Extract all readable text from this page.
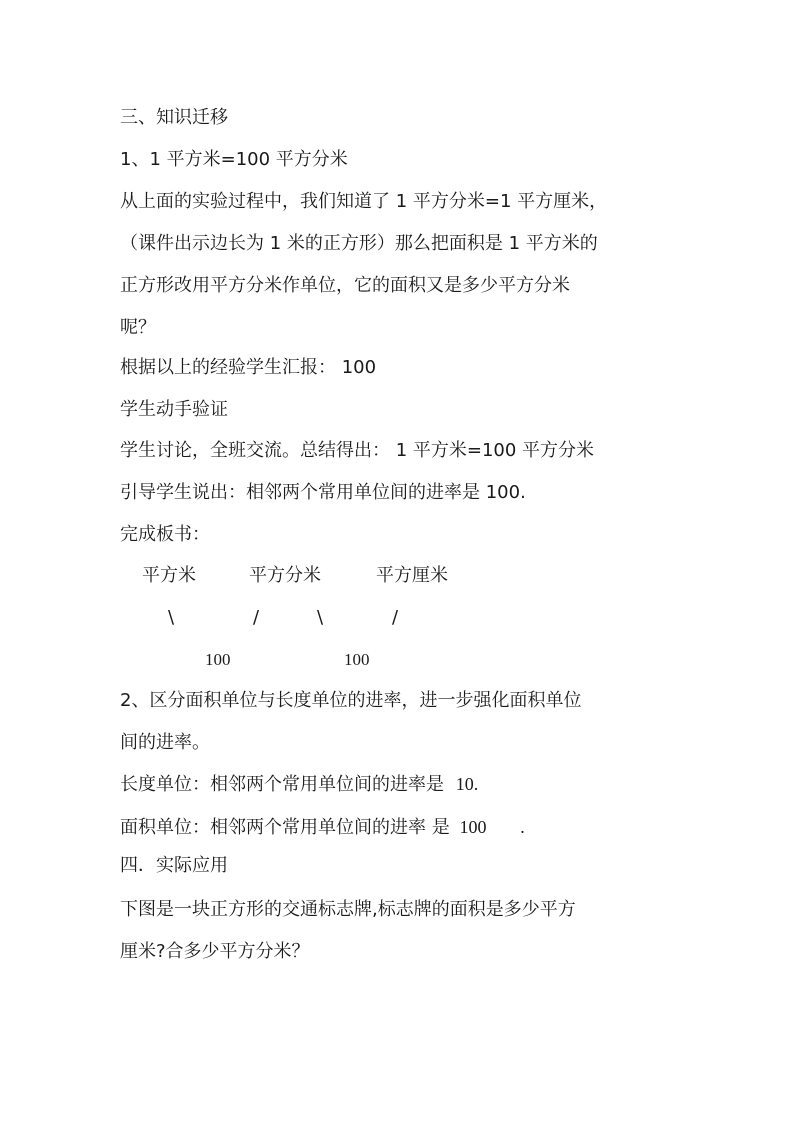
三、知识迁移
1、1 平方米=100 平方分米
从上面的实验过程中，我们知道了 1 平方分米=1 平方厘米，
（课件出示边长为 1 米的正方形）那么把面积是 1 平方米的
正方形改用平方分米作单位，它的面积又是多少平方分米
呢？
根据以上的经验学生汇报： 100
学生动手验证
学生讨论，全班交流。总结得出： 1 平方米=100 平方分米
引导学生说出：相邻两个常用单位间的进率是 100.
完成板书：
平方米	平方分米	平方厘米
\	/	\	/
100	100
2、区分面积单位与长度单位的进率，进一步强化面积单位
间的进率。
长度单位：相邻两个常用单位间的进率是 10.
面积单位：相邻两个常用单位间的进率 是 100 .
四．实际应用
下图是一块正方形的交通标志牌,标志牌的面积是多少平方
厘米?合多少平方分米？
